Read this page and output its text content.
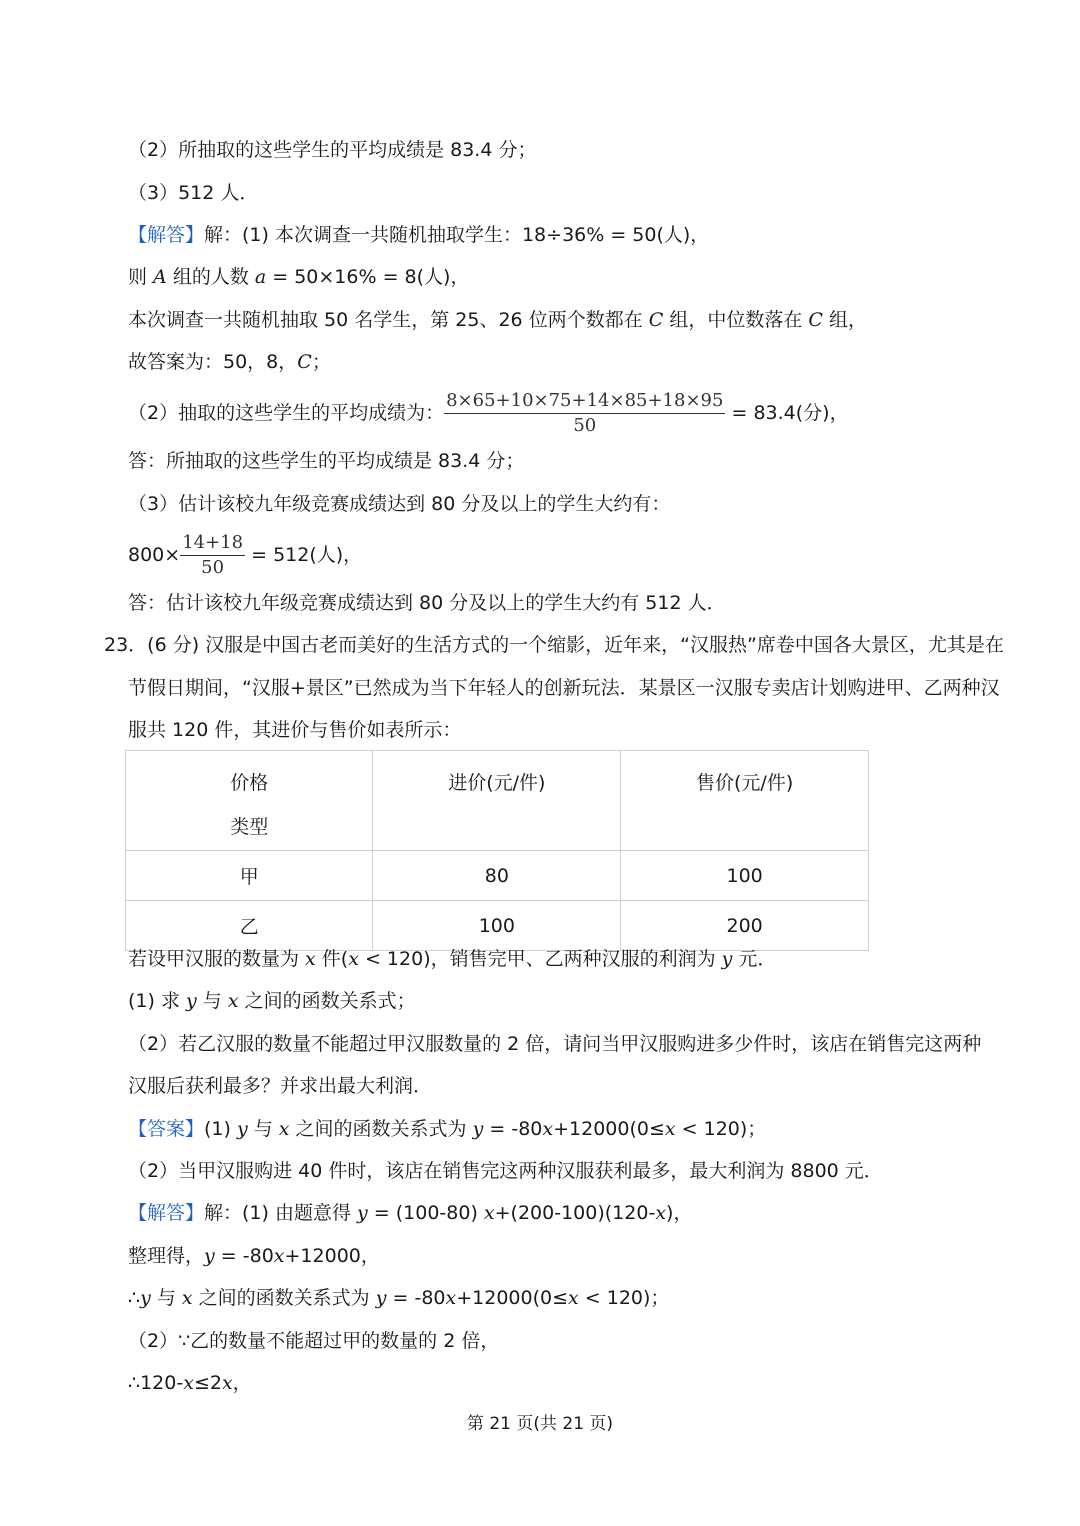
（2）所抽取的这些学生的平均成绩是 83.4 分；
（3）512 人．
【解答】解：(1) 本次调查一共随机抽取学生：18÷36% = 50(人)，
则 A 组的人数 a = 50×16% = 8(人)，
本次调查一共随机抽取 50 名学生，第 25、26 位两个数都在 C 组，中位数落在 C 组，
故答案为：50，8，C；
（2）抽取的这些学生的平均成绩为： $\frac{8\times 65+10\times 75+14\times 85+18\times 95}{50} = 83.4$(分)，
答：所抽取的这些学生的平均成绩是 83.4 分；
（3）估计该校九年级竞赛成绩达到 80 分及以上的学生大约有：
$800\times \frac{14+18}{50} = 512$(人)，
答：估计该校九年级竞赛成绩达到 80 分及以上的学生大约有 512 人．
23．(6 分) 汉服是中国古老而美好的生活方式的一个缩影，近年来，“汉服热”席卷中国各大景区，尤其是在
节假日期间，“汉服+景区”已然成为当下年轻人的创新玩法．某景区一汉服专卖店计划购进甲、乙两种汉
服共 120 件，其进价与售价如表所示：
价格
类型	进价(元/件)	售价(元/件)

甲	80	100
乙	100	200
若设甲汉服的数量为 x 件(x < 120)，销售完甲、乙两种汉服的利润为 y 元．
(1) 求 y 与 x 之间的函数关系式；
（2）若乙汉服的数量不能超过甲汉服数量的 2 倍，请问当甲汉服购进多少件时，该店在销售完这两种
汉服后获利最多？并求出最大利润．
【答案】(1) y 与 x 之间的函数关系式为 y = -80x+12000(0≤x < 120)；
（2）当甲汉服购进 40 件时，该店在销售完这两种汉服获利最多，最大利润为 8800 元．
【解答】解：(1) 由题意得 y = (100-80) x+(200-100)(120-x)，
整理得，y = -80x+12000，
∴y 与 x 之间的函数关系式为 y = -80x+12000(0≤x < 120)；
（2）∵乙的数量不能超过甲的数量的 2 倍，
∴120-x≤2x，
第 21 页(共 21 页)
